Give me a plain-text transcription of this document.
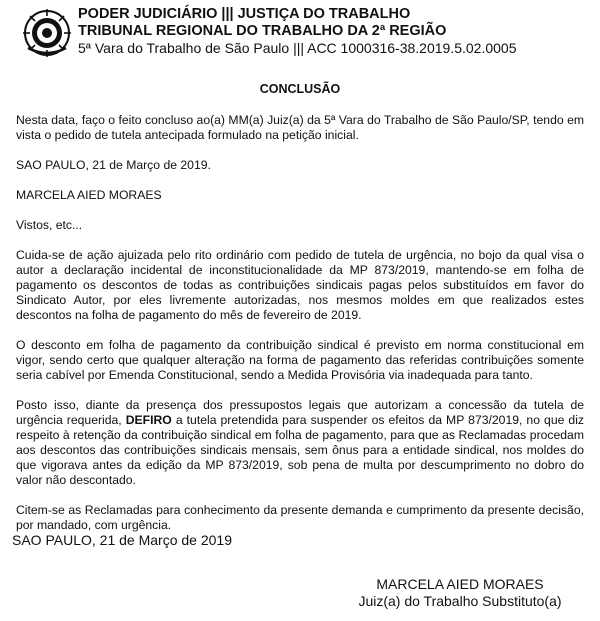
PODER JUDICIÁRIO ||| JUSTIÇA DO TRABALHO
TRIBUNAL REGIONAL DO TRABALHO DA 2ª REGIÃO
5ª Vara do Trabalho de São Paulo ||| ACC 1000316-38.2019.5.02.0005
CONCLUSÃO

Nesta data, faço o feito concluso ao(a) MM(a) Juiz(a) da 5ª Vara do Trabalho de São Paulo/SP, tendo em vista o pedido de tutela antecipada formulado na petição inicial.

SAO PAULO, 21 de Março de 2019.

MARCELA AIED MORAES

Vistos, etc...

Cuida-se de ação ajuizada pelo rito ordinário com pedido de tutela de urgência, no bojo da qual visa o autor a declaração incidental de inconstitucionalidade da MP 873/2019, mantendo-se em folha de pagamento os descontos de todas as contribuições sindicais pagas pelos substituídos em favor do Sindicato Autor, por eles livremente autorizadas, nos mesmos moldes em que realizados estes descontos na folha de pagamento do mês de fevereiro de 2019.

O desconto em folha de pagamento da contribuição sindical é previsto em norma constitucional em vigor, sendo certo que qualquer alteração na forma de pagamento das referidas contribuições somente seria cabível por Emenda Constitucional, sendo a Medida Provisória via inadequada para tanto.

Posto isso, diante da presença dos pressupostos legais que autorizam a concessão da tutela de urgência requerida, DEFIRO a tutela pretendida para suspender os efeitos da MP 873/2019, no que diz respeito à retenção da contribuição sindical em folha de pagamento, para que as Reclamadas procedam aos descontos das contribuições sindicais mensais, sem ônus para a entidade sindical, nos moldes do que vigorava antes da edição da MP 873/2019, sob pena de multa por descumprimento no dobro do valor não descontado.

Citem-se as Reclamadas para conhecimento da presente demanda e cumprimento da presente decisão, por mandado, com urgência.

SAO PAULO, 21 de Março de 2019
MARCELA AIED MORAES
Juiz(a) do Trabalho Substituto(a)
